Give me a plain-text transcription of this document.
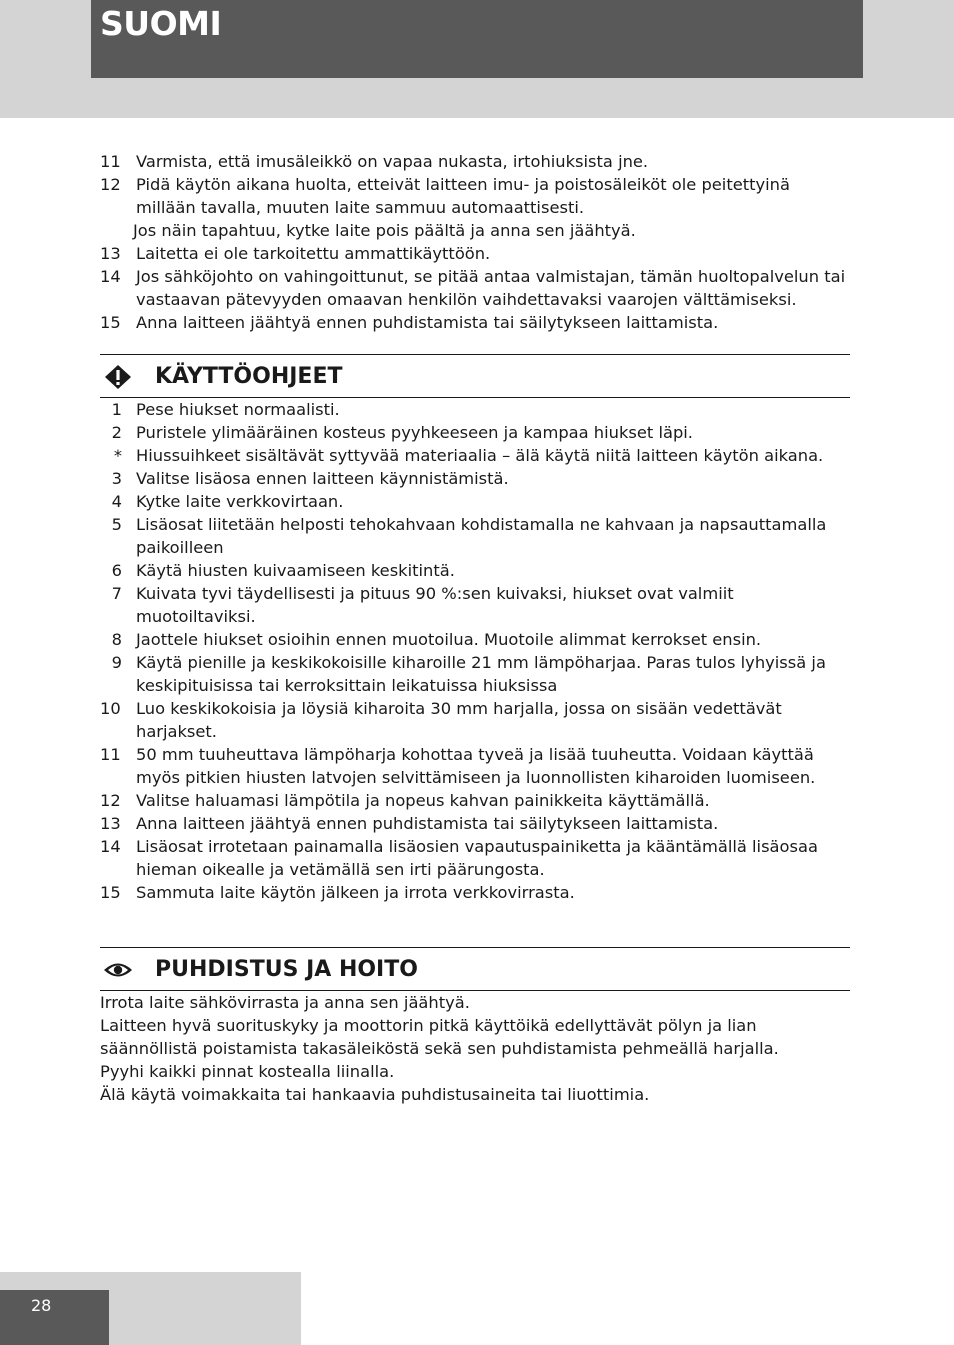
SUOMI
11 Varmista, että imusäleikkö on vapaa nukasta, irtohiuksista jne.
12 Pidä käytön aikana huolta, etteivät laitteen imu- ja poistosäleiköt ole peitettyinä millään tavalla, muuten laite sammuu automaattisesti.
Jos näin tapahtuu, kytke laite pois päältä ja anna sen jäähtyä.
13 Laitetta ei ole tarkoitettu ammattikäyttöön.
14 Jos sähköjohto on vahingoittunut, se pitää antaa valmistajan, tämän huoltopalvelun tai vastaavan pätevyyden omaavan henkilön vaihdettavaksi vaarojen välttämiseksi.
15 Anna laitteen jäähtyä ennen puhdistamista tai säilytykseen laittamista.
KÄYTTÖOHJEET
1 Pese hiukset normaalisti.
2 Puristele ylimääräinen kosteus pyyhkeeseen ja kampaa hiukset läpi.
* Hiussuihkeet sisältävät syttyvää materiaalia – älä käytä niitä laitteen käytön aikana.
3 Valitse lisäosa ennen laitteen käynnistämistä.
4 Kytke laite verkkovirtaan.
5 Lisäosat liitetään helposti tehokahvaan kohdistamalla ne kahvaan ja napsauttamalla paikoilleen
6 Käytä hiusten kuivaamiseen keskitintä.
7 Kuivata tyvi täydellisesti ja pituus 90 %:sen kuivaksi, hiukset ovat valmiit muotoiltaviksi.
8 Jaottele hiukset osioihin ennen muotoilua. Muotoile alimmat kerrokset ensin.
9 Käytä pienille ja keskikokoisille kiharoille 21 mm lämpöharjaa. Paras tulos lyhyissä ja keskipituisissa tai kerroksittain leikatuissa hiuksissa
10 Luo keskikokoisia ja löysiä kiharoita 30 mm harjalla, jossa on sisään vedettävät harjakset.
11 50 mm tuuheuttava lämpöharja kohottaa tyveä ja lisää tuuheutta. Voidaan käyttää myös pitkien hiusten latvojen selvittämiseen ja luonnollisten kiharoiden luomiseen.
12 Valitse haluamasi lämpötila ja nopeus kahvan painikkeita käyttämällä.
13 Anna laitteen jäähtyä ennen puhdistamista tai säilytykseen laittamista.
14 Lisäosat irrotetaan painamalla lisäosien vapautuspainiketta ja kääntämällä lisäosaa hieman oikealle ja vetämällä sen irti päärungosta.
15 Sammuta laite käytön jälkeen ja irrota verkkovirrasta.
PUHDISTUS JA HOITO
Irrota laite sähkövirrasta ja anna sen jäähtyä.
Laitteen hyvä suorituskyky ja moottorin pitkä käyttöikä edellyttävät pölyn ja lian säännöllistä poistamista takasäleiköstä sekä sen puhdistamista pehmeällä harjalla.
Pyyhi kaikki pinnat kostealla liinalla.
Älä käytä voimakkaita tai hankaavia puhdistusaineita tai liuottimia.
28
